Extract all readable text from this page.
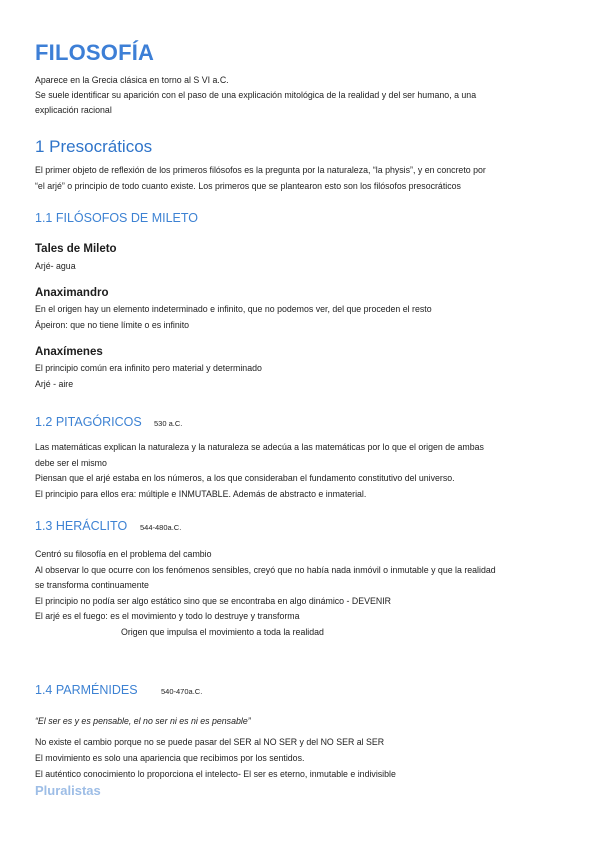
FILOSOFÍA
Aparece en la Grecia clásica en torno al S VI a.C.
Se suele identificar su aparición con el paso de una explicación mitológica de la realidad y del ser humano, a una
explicación racional
1 Presocráticos
El primer objeto de reflexión de los primeros filósofos es la pregunta por la naturaleza, “la physis”, y en concreto por
“el arjé” o principio de todo cuanto existe. Los primeros que se plantearon esto son los filósofos presocráticos
1.1 FILÓSOFOS DE MILETO
Tales de Mileto
Arjé- agua
Anaximandro
En el origen hay un elemento indeterminado e infinito, que no podemos ver, del que proceden el resto
Ápeiron: que no tiene límite o es infinito
Anaxímenes
El principio común era infinito pero material y determinado
Arjé - aire
1.2 PITAGÓRICOS 530 a.C.
Las matemáticas explican la naturaleza y la naturaleza se adecúa a las matemáticas por lo que el origen de ambas
debe ser el mismo
Piensan que el arjé estaba en los números, a los que consideraban el fundamento constitutivo del universo.
El principio para ellos era: múltiple e INMUTABLE. Además de abstracto e inmaterial.
1.3 HERÁCLITO 544-480a.C.
Centró su filosofía en el problema del cambio
Al observar lo que ocurre con los fenómenos sensibles, creyó que no había nada inmóvil o inmutable y que la realidad
se transforma continuamente
El principio no podía ser algo estático sino que se encontraba en algo dinámico - DEVENIR
El arjé es el fuego: es el movimiento y todo lo destruye y transforma
Origen que impulsa el movimiento a toda la realidad
1.4 PARMÉNIDES	540-470a.C.
“El ser es y es pensable, el no ser ni es ni es pensable”
No existe el cambio porque no se puede pasar del SER al NO SER y del NO SER al SER
El movimiento es solo una apariencia que recibimos por los sentidos.
El auténtico conocimiento lo proporciona el intelecto- El ser es eterno, inmutable e indivisible
Pluralistas
